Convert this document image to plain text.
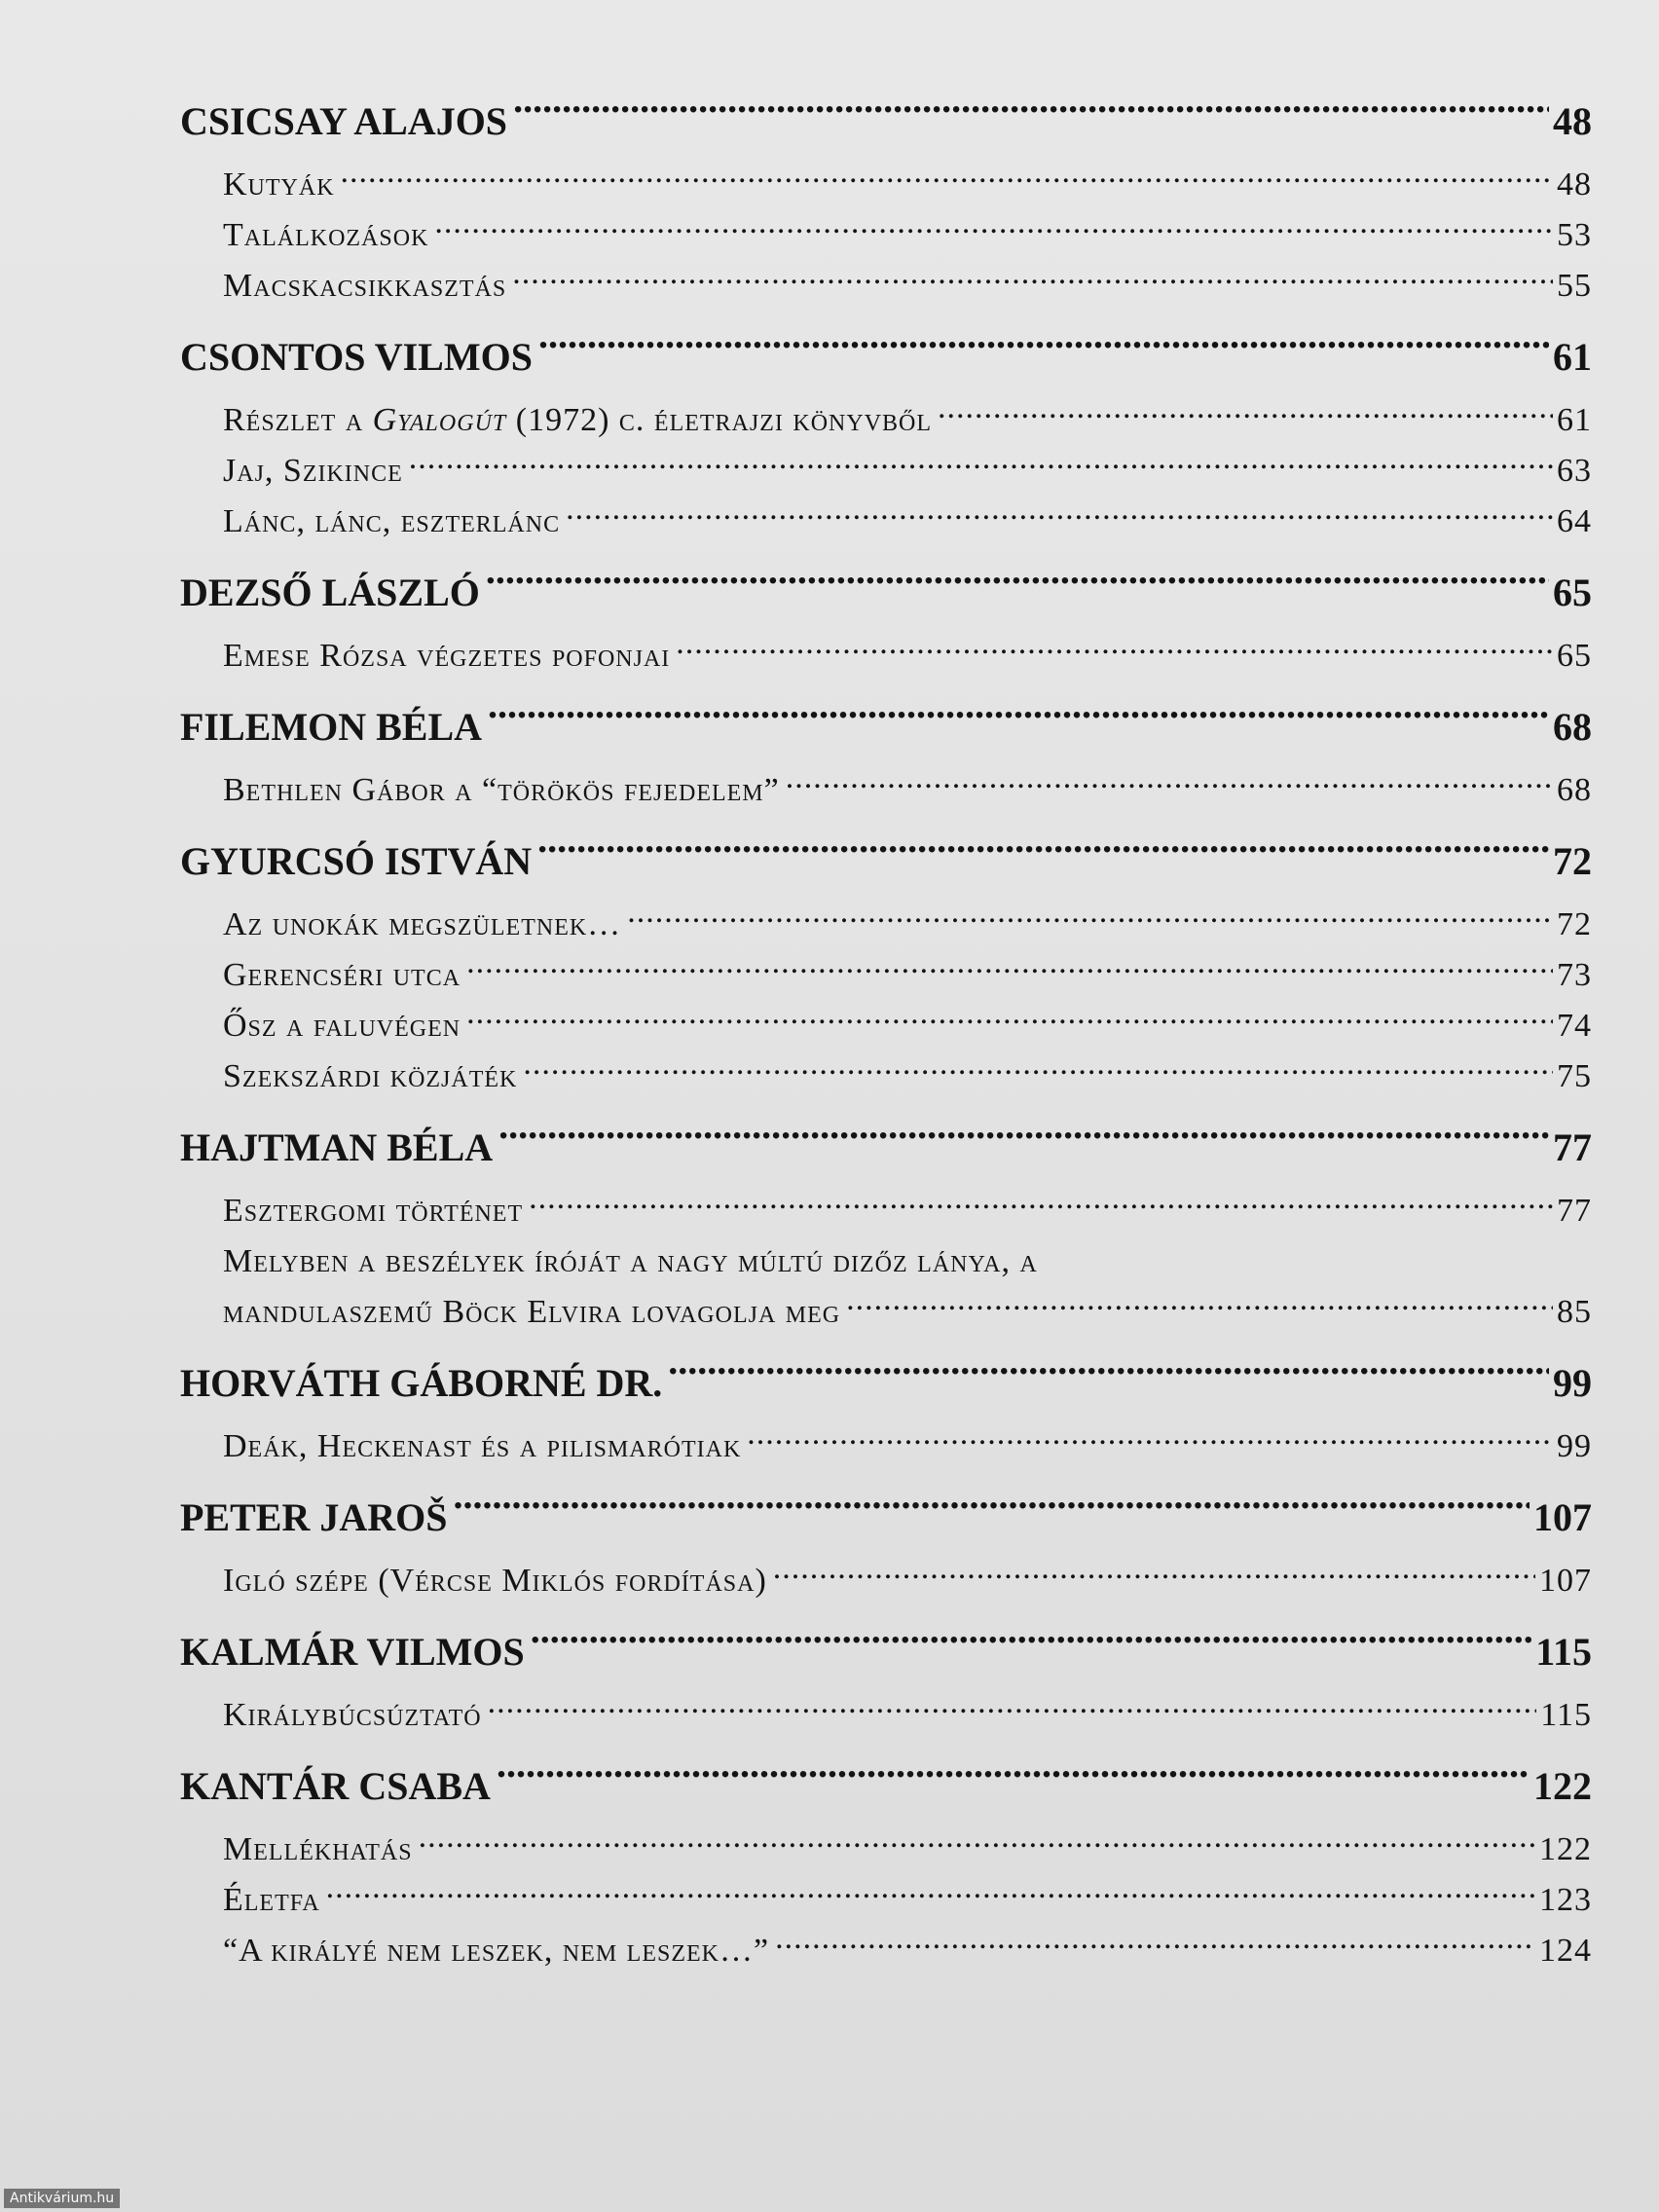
CSICSAY ALAJOS .....	48
Kutyák .....	48
Találkozások .....	53
Macskacsikkasztás .....	55
CSONTOS VILMOS .....	61
Részlet a Gyalogút (1972) c. életrajzi könyvből .....	61
Jaj, Szikince .....	63
Lánc, lánc, eszterlánc .....	64
DEZSŐ LÁSZLÓ .....	65
Emese Rózsa végzetes pofonjai .....	65
FILEMON BÉLA .....	68
Bethlen Gábor a “törökös fejedelem” .....	68
GYURCSÓ ISTVÁN .....	72
Az unokák megszületnek… .....	72
Gerencséri utca .....	73
Ősz a faluvégen .....	74
Szekszárdi közjáték .....	75
HAJTMAN BÉLA .....	77
Esztergomi történet .....	77
Melyben a beszélyek íróját a nagy múltú dizőz lánya, a
mandulaszemű Böck Elvira lovagolja meg .....	85
HORVÁTH GÁBORNÉ DR. .....	99
Deák, Heckenast és a pilismarótiak .....	99
PETER JAROŠ .....	107
Igló szépe (Vércse Miklós fordítása) .....	107
KALMÁR VILMOS .....	115
Királybúcsúztató .....	115
KANTÁR CSABA .....	122
Mellékhatás .....	122
Életfa .....	123
“A királyé nem leszek, nem leszek…” .....	124
Antikvárium.hu
